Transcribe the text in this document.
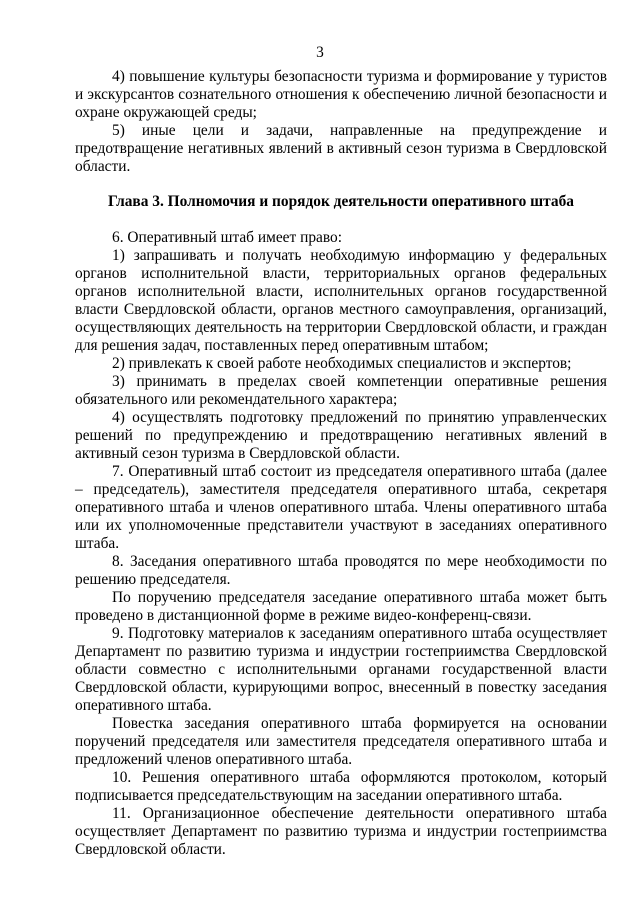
3

4) повышение культуры безопасности туризма и формирование у туристов и экскурсантов сознательного отношения к обеспечению личной безопасности и охране окружающей среды;

5) иные цели и задачи, направленные на предупреждение и предотвращение негативных явлений в активный сезон туризма в Свердловской области.

Глава 3. Полномочия и порядок деятельности оперативного штаба

6. Оперативный штаб имеет право:

1) запрашивать и получать необходимую информацию у федеральных органов исполнительной власти, территориальных органов федеральных органов исполнительной власти, исполнительных органов государственной власти Свердловской области, органов местного самоуправления, организаций, осуществляющих деятельность на территории Свердловской области, и граждан для решения задач, поставленных перед оперативным штабом;

2) привлекать к своей работе необходимых специалистов и экспертов;

3) принимать в пределах своей компетенции оперативные решения обязательного или рекомендательного характера;

4) осуществлять подготовку предложений по принятию управленческих решений по предупреждению и предотвращению негативных явлений в активный сезон туризма в Свердловской области.

7. Оперативный штаб состоит из председателя оперативного штаба (далее – председатель), заместителя председателя оперативного штаба, секретаря оперативного штаба и членов оперативного штаба. Члены оперативного штаба или их уполномоченные представители участвуют в заседаниях оперативного штаба.

8. Заседания оперативного штаба проводятся по мере необходимости по решению председателя.

По поручению председателя заседание оперативного штаба может быть проведено в дистанционной форме в режиме видео-конференц-связи.

9. Подготовку материалов к заседаниям оперативного штаба осуществляет Департамент по развитию туризма и индустрии гостеприимства Свердловской области совместно с исполнительными органами государственной власти Свердловской области, курирующими вопрос, внесенный в повестку заседания оперативного штаба.

Повестка заседания оперативного штаба формируется на основании поручений председателя или заместителя председателя оперативного штаба и предложений членов оперативного штаба.

10. Решения оперативного штаба оформляются протоколом, который подписывается председательствующим на заседании оперативного штаба.

11. Организационное обеспечение деятельности оперативного штаба осуществляет Департамент по развитию туризма и индустрии гостеприимства Свердловской области.
